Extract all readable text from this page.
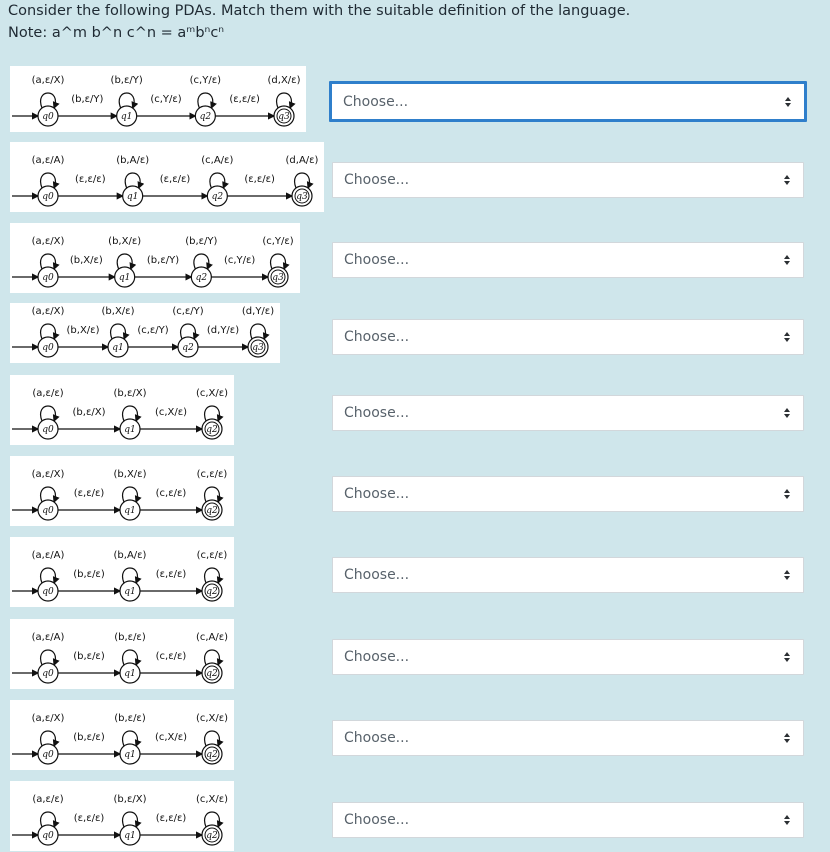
Consider the following PDAs. Match them with the suitable definition of the language.
Note: a^m b^n c^n = aᵐbⁿcⁿ
(b,ε/Y)	(c,Y/ε)	(ε,ε/ε)
q0
(a,ε/X)
q1
(b,ε/Y)
q2
(c,Y/ε)
q3
(d,X/ε)
Choose...
(ε,ε/ε)	(ε,ε/ε)	(ε,ε/ε)
q0
(a,ε/A)
q1
(b,A/ε)
q2
(c,A/ε)
q3
(d,A/ε)
Choose...
(b,X/ε)	(b,ε/Y)	(c,Y/ε)
q0
(a,ε/X)
q1
(b,X/ε)
q2
(b,ε/Y)
q3
(c,Y/ε)
Choose...
(b,X/ε)	(c,ε/Y)	(d,Y/ε)
q0
(a,ε/X)
q1
(b,X/ε)
q2
(c,ε/Y)
q3
(d,Y/ε)
Choose...
(b,ε/X)	(c,X/ε)
q0
(a,ε/ε)
q1
(b,ε/X)
q2
(c,X/ε)
Choose...
(ε,ε/ε)	(c,ε/ε)
q0
(a,ε/X)
q1
(b,X/ε)
q2
(c,ε/ε)
Choose...
(b,ε/ε)	(ε,ε/ε)
q0
(a,ε/A)
q1
(b,A/ε)
q2
(c,ε/ε)
Choose...
(b,ε/ε)	(c,ε/ε)
q0
(a,ε/A)
q1
(b,ε/ε)
q2
(c,A/ε)
Choose...
(b,ε/ε)	(c,X/ε)
q0
(a,ε/X)
q1
(b,ε/ε)
q2
(c,X/ε)
Choose...
(ε,ε/ε)	(ε,ε/ε)
q0
(a,ε/ε)
q1
(b,ε/X)
q2
(c,X/ε)
Choose...
